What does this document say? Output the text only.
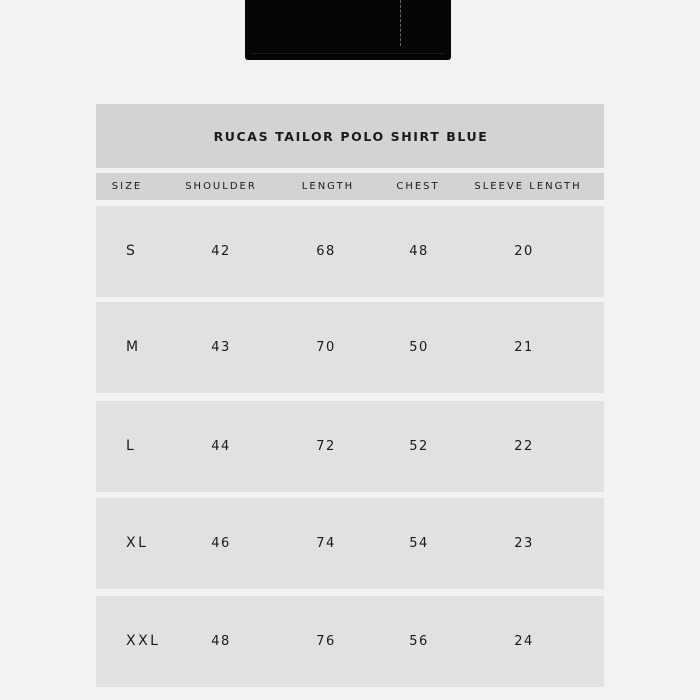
RUCAS TAILOR POLO SHIRT BLUE
SIZE	SHOULDER	LENGTH	CHEST	SLEEVE LENGTH
S	42	68	48	20
M	43	70	50	21
L	44	72	52	22
XL	46	74	54	23
XXL	48	76	56	24
